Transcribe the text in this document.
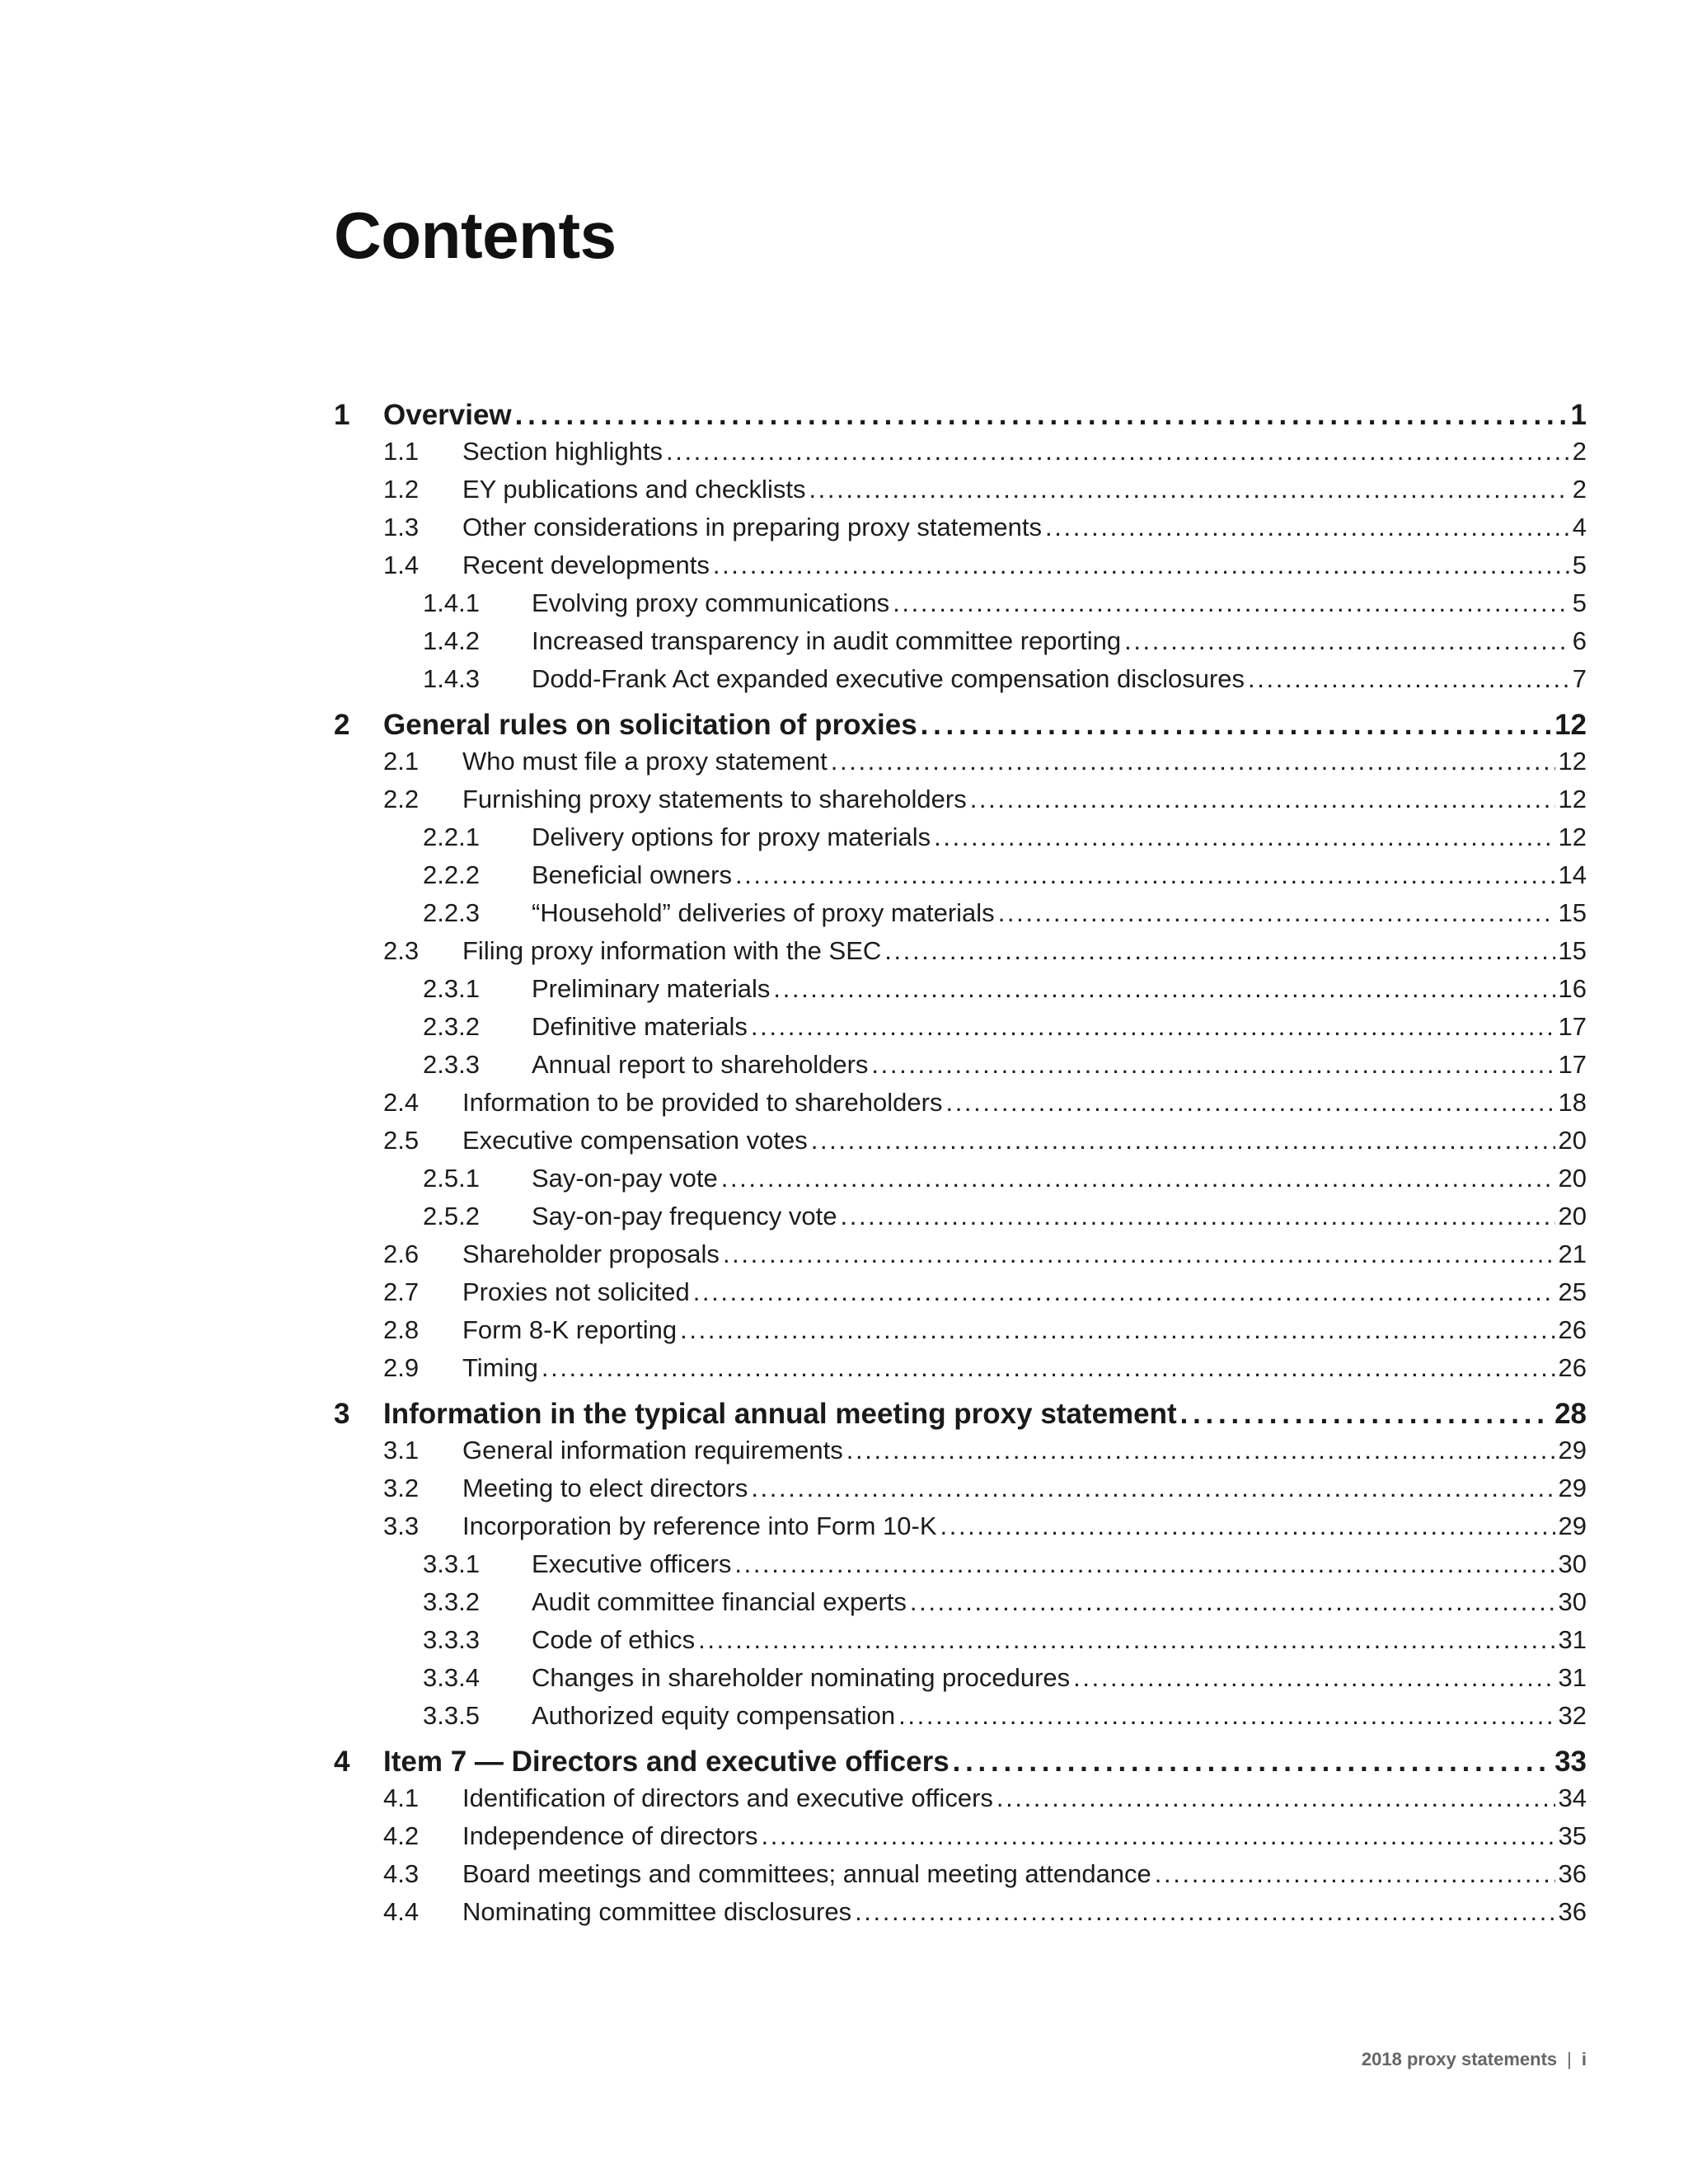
Contents
1	Overview . . .	1
1.1	Section highlights . . .	2
1.2	EY publications and checklists . . .	2
1.3	Other considerations in preparing proxy statements . . .	4
1.4	Recent developments . . .	5
1.4.1	Evolving proxy communications . . .	5
1.4.2	Increased transparency in audit committee reporting . . .	6
1.4.3	Dodd-Frank Act expanded executive compensation disclosures . . .	7
2	General rules on solicitation of proxies . . .	12
2.1	Who must file a proxy statement . . .	12
2.2	Furnishing proxy statements to shareholders . . .	12
2.2.1	Delivery options for proxy materials . . .	12
2.2.2	Beneficial owners . . .	14
2.2.3	“Household” deliveries of proxy materials . . .	15
2.3	Filing proxy information with the SEC . . .	15
2.3.1	Preliminary materials . . .	16
2.3.2	Definitive materials . . .	17
2.3.3	Annual report to shareholders . . .	17
2.4	Information to be provided to shareholders . . .	18
2.5	Executive compensation votes . . .	20
2.5.1	Say-on-pay vote . . .	20
2.5.2	Say-on-pay frequency vote . . .	20
2.6	Shareholder proposals . . .	21
2.7	Proxies not solicited . . .	25
2.8	Form 8-K reporting . . .	26
2.9	Timing . . .	26
3	Information in the typical annual meeting proxy statement . . .	28
3.1	General information requirements . . .	29
3.2	Meeting to elect directors . . .	29
3.3	Incorporation by reference into Form 10-K . . .	29
3.3.1	Executive officers . . .	30
3.3.2	Audit committee financial experts . . .	30
3.3.3	Code of ethics . . .	31
3.3.4	Changes in shareholder nominating procedures . . .	31
3.3.5	Authorized equity compensation . . .	32
4	Item 7 — Directors and executive officers . . .	33
4.1	Identification of directors and executive officers . . .	34
4.2	Independence of directors . . .	35
4.3	Board meetings and committees; annual meeting attendance . . .	36
4.4	Nominating committee disclosures . . .	36
2018 proxy statements | i
